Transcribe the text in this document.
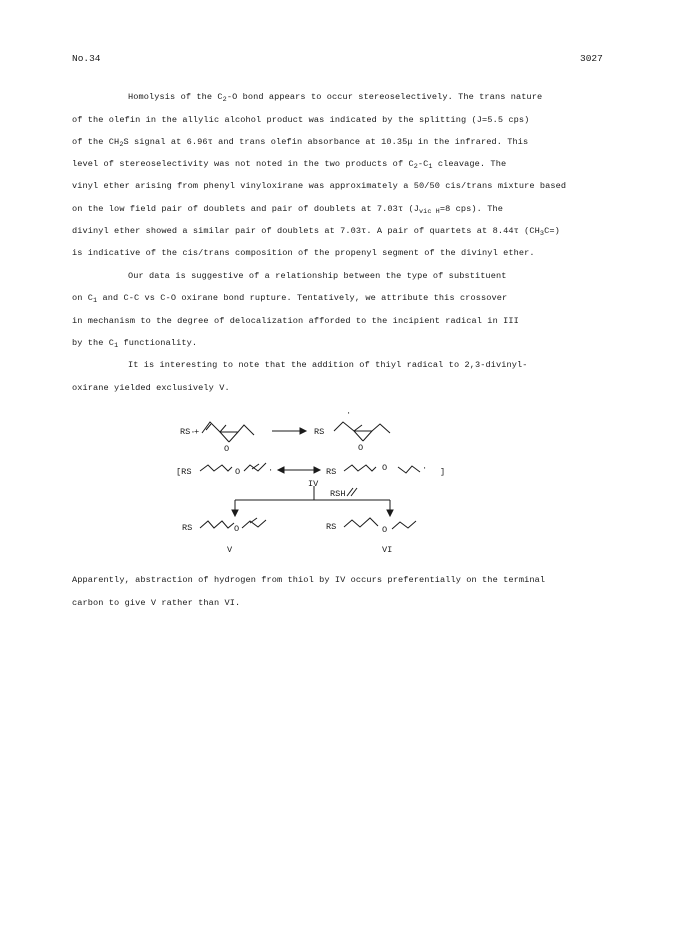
No.34	3027
Homolysis of the $C_2-O$ bond appears to occur stereoselectively. The trans nature
of the olefin in the allylic alcohol product was indicated by the splitting (J=5.5 cps)
of the $CH_2S$ signal at 6.96τ and trans olefin absorbance at 10.35μ in the infrared. This
level of stereoselectivity was not noted in the two products of $C_2-C_1$ cleavage. The
vinyl ether arising from phenyl vinyloxirane was approximately a 50/50 cis/trans mixture based
on the low field pair of doublets and pair of doublets at 7.03τ ($J_{vic H}=8$ cps). The
divinyl ether showed a similar pair of doublets at 7.03τ. A pair of quartets at 8.44τ $(CH_3C=)$
is indicative of the cis/trans composition of the propenyl segment of the divinyl ether.
Our data is suggestive of a relationship between the type of substituent
on $C_1$ and C-C vs C-O oxirane bond rupture. Tentatively, we attribute this crossover
in mechanism to the degree of delocalization afforded to the incipient radical in III
by the $C_1$ functionality.
It is interesting to note that the addition of thiyl radical to 2,3-divinyl-
oxirane yielded exclusively V.
RS·
+
O
RS
O
·
[RS	O	·	RS	O	· ]
IV
RSH
RS	O	RS	O
V	VI
Apparently, abstraction of hydrogen from thiol by IV occurs preferentially on the terminal
carbon to give V rather than VI.
